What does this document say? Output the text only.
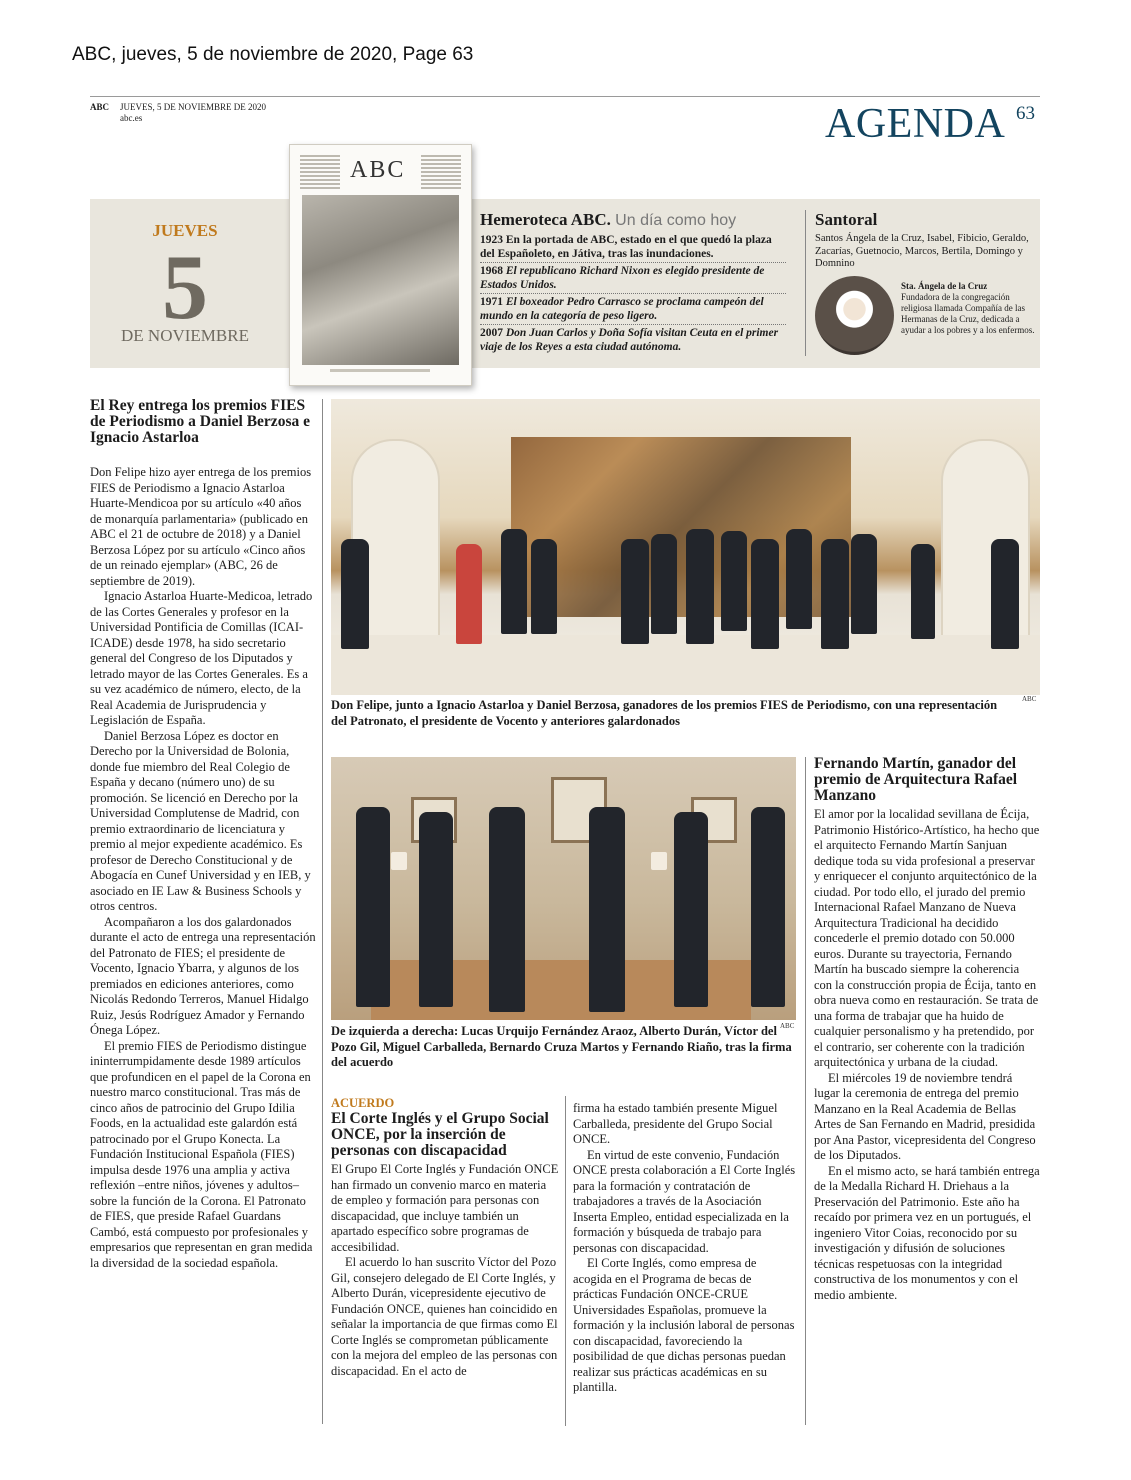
ABC, jueves, 5 de noviembre de 2020, Page 63
ABC JUEVES, 5 DE NOVIEMBRE DE 2020
abc.es	AGENDA 63
JUEVES
5
DE NOVIEMBRE
ABC
Hemeroteca ABC. Un día como hoy
1923 En la portada de ABC, estado en el que quedó la plaza del Españoleto, en Játiva, tras las inundaciones.
1968 El republicano Richard Nixon es elegido presidente de Estados Unidos.
1971 El boxeador Pedro Carrasco se proclama campeón del mundo en la categoría de peso ligero.
2007 Don Juan Carlos y Doña Sofía visitan Ceuta en el primer viaje de los Reyes a esta ciudad autónoma.
Santoral
Santos Ángela de la Cruz, Isabel, Fibicio, Geraldo, Zacarías, Guetnocio, Marcos, Bertila, Domingo y Domnino
Sta. Ángela de la Cruz
Fundadora de la congregación religiosa llamada Compañía de las Hermanas de la Cruz, dedicada a ayudar a los pobres y a los enfermos.
El Rey entrega los premios FIES de Periodismo a Daniel Berzosa e Ignacio Astarloa

Don Felipe hizo ayer entrega de los premios FIES de Periodismo a Ignacio Astarloa Huarte-Mendicoa por su artículo «40 años de monarquía parlamentaria» (publicado en ABC el 21 de octubre de 2018) y a Daniel Berzosa López por su artículo «Cinco años de un reinado ejemplar» (ABC, 26 de septiembre de 2019).

Ignacio Astarloa Huarte-Medicoa, letrado de las Cortes Generales y profesor en la Universidad Pontificia de Comillas (ICAI-ICADE) desde 1978, ha sido secretario general del Congreso de los Diputados y letrado mayor de las Cortes Generales. Es a su vez académico de número, electo, de la Real Academia de Jurisprudencia y Legislación de España.

Daniel Berzosa López es doctor en Derecho por la Universidad de Bolonia, donde fue miembro del Real Colegio de España y decano (número uno) de su promoción. Se licenció en Derecho por la Universidad Complutense de Madrid, con premio extraordinario de licenciatura y premio al mejor expediente académico. Es profesor de Derecho Constitucional y de Abogacía en Cunef Universidad y en IEB, y asociado en IE Law & Business Schools y otros centros.

Acompañaron a los dos galardonados durante el acto de entrega una representación del Patronato de FIES; el presidente de Vocento, Ignacio Ybarra, y algunos de los premiados en ediciones anteriores, como Nicolás Redondo Terreros, Manuel Hidalgo Ruiz, Jesús Rodríguez Amador y Fernando Ónega López.

El premio FIES de Periodismo distingue ininterrumpidamente desde 1989 artículos que profundicen en el papel de la Corona en nuestro marco constitucional. Tras más de cinco años de patrocinio del Grupo Idilia Foods, en la actualidad este galardón está patrocinado por el Grupo Konecta. La Fundación Institucional Española (FIES) impulsa desde 1976 una amplia y activa reflexión –entre niños, jóvenes y adultos– sobre la función de la Corona. El Patronato de FIES, que preside Rafael Guardans Cambó, está compuesto por profesionales y empresarios que representan en gran medida la diversidad de la sociedad española.

ABC
Don Felipe, junto a Ignacio Astarloa y Daniel Berzosa, ganadores de los premios FIES de Periodismo, con una representación del Patronato, el presidente de Vocento y anteriores galardonados
ABC
De izquierda a derecha: Lucas Urquijo Fernández Araoz, Alberto Durán, Víctor del Pozo Gil, Miguel Carballeda, Bernardo Cruza Martos y Fernando Riaño, tras la firma del acuerdo
ACUERDO
El Corte Inglés y el Grupo Social ONCE, por la inserción de personas con discapacidad

El Grupo El Corte Inglés y Fundación ONCE han firmado un convenio marco en materia de empleo y formación para personas con discapacidad, que incluye también un apartado específico sobre programas de accesibilidad.

El acuerdo lo han suscrito Víctor del Pozo Gil, consejero delegado de El Corte Inglés, y Alberto Durán, vicepresidente ejecutivo de Fundación ONCE, quienes han coincidido en señalar la importancia de que firmas como El Corte Inglés se comprometan públicamente con la mejora del empleo de las personas con discapacidad. En el acto de

firma ha estado también presente Miguel Carballeda, presidente del Grupo Social ONCE.

En virtud de este convenio, Fundación ONCE presta colaboración a El Corte Inglés para la formación y contratación de trabajadores a través de la Asociación Inserta Empleo, entidad especializada en la formación y búsqueda de trabajo para personas con discapacidad.

El Corte Inglés, como empresa de acogida en el Programa de becas de prácticas Fundación ONCE-CRUE Universidades Españolas, promueve la formación y la inclusión laboral de personas con discapacidad, favoreciendo la posibilidad de que dichas personas puedan realizar sus prácticas académicas en su plantilla.

Fernando Martín, ganador del premio de Arquitectura Rafael Manzano

El amor por la localidad sevillana de Écija, Patrimonio Histórico-Artístico, ha hecho que el arquitecto Fernando Martín Sanjuan dedique toda su vida profesional a preservar y enriquecer el conjunto arquitectónico de la ciudad. Por todo ello, el jurado del premio Internacional Rafael Manzano de Nueva Arquitectura Tradicional ha decidido concederle el premio dotado con 50.000 euros. Durante su trayectoria, Fernando Martín ha buscado siempre la coherencia con la construcción propia de Écija, tanto en obra nueva como en restauración. Se trata de una forma de trabajar que ha huido de cualquier personalismo y ha pretendido, por el contrario, ser coherente con la tradición arquitectónica y urbana de la ciudad.

El miércoles 19 de noviembre tendrá lugar la ceremonia de entrega del premio Manzano en la Real Academia de Bellas Artes de San Fernando en Madrid, presidida por Ana Pastor, vicepresidenta del Congreso de los Diputados.

En el mismo acto, se hará también entrega de la Medalla Richard H. Driehaus a la Preservación del Patrimonio. Este año ha recaído por primera vez en un portugués, el ingeniero Vitor Coias, reconocido por su investigación y difusión de soluciones técnicas respetuosas con la integridad constructiva de los monumentos y con el medio ambiente.
